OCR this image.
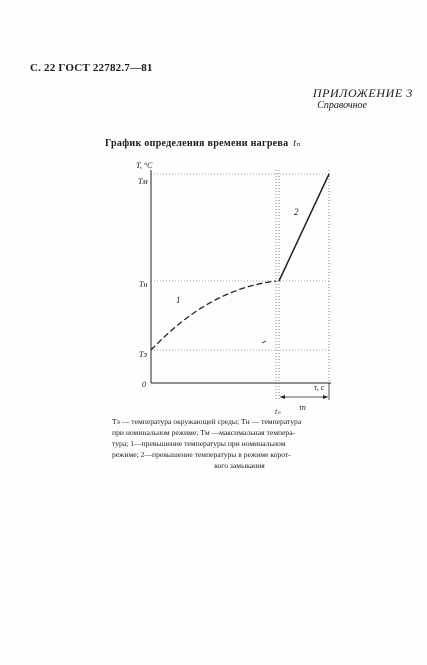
С. 22 ГОСТ 22782.7—81
ПРИЛОЖЕНИЕ 3
Справочное
График определения времени нагрева tₙ
T, °C
Tм
Tн
Tэ
0	τ, c
tₙ τп
1
2
Tэ — температура окружающей среды; Tн — температура
при номинальном режиме; Tм —максимальная темпера-
тура; 1—превышение температуры при номинальном
режиме; 2—превышение температуры в режиме корот-
кого замыкания
